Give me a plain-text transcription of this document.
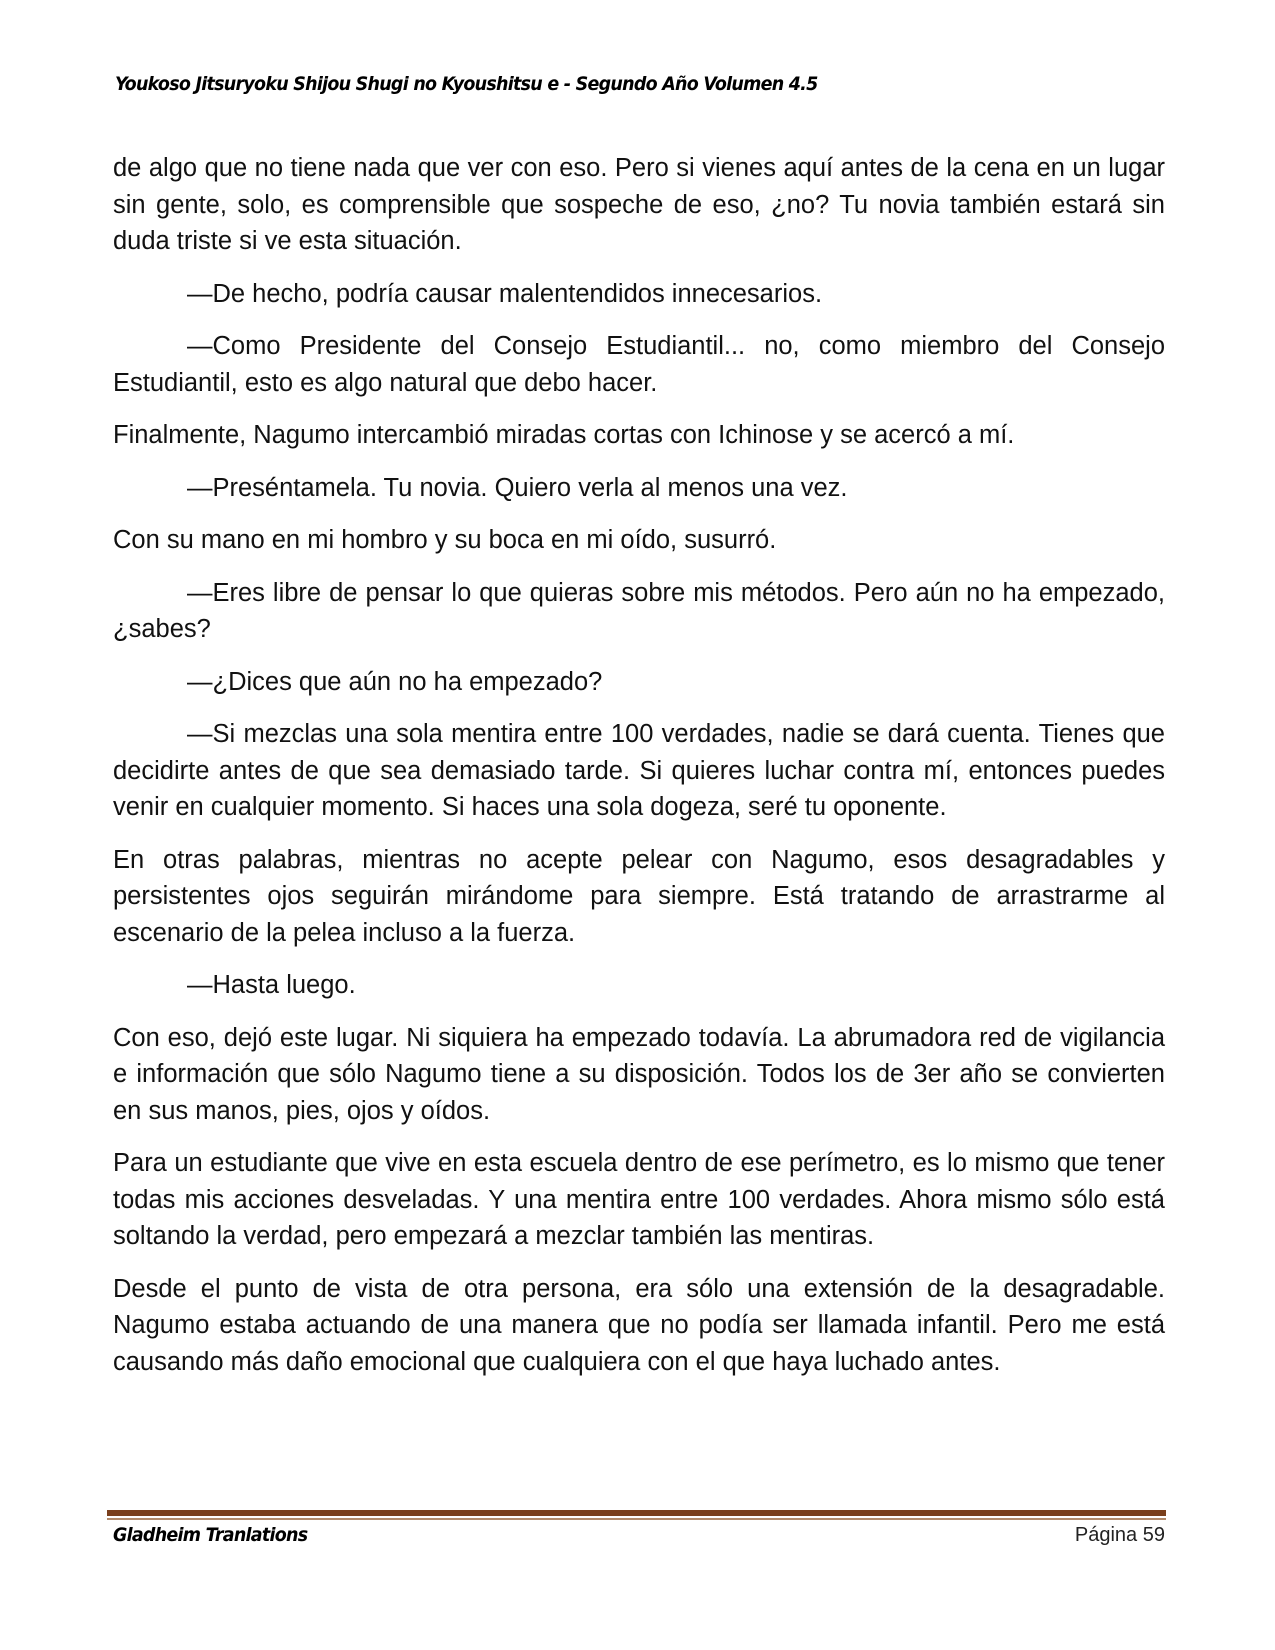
Youkoso Jitsuryoku Shijou Shugi no Kyoushitsu e - Segundo Año Volumen 4.5

de algo que no tiene nada que ver con eso. Pero si vienes aquí antes de la cena en un lugar sin gente, solo, es comprensible que sospeche de eso, ¿no? Tu novia también estará sin duda triste si ve esta situación.

—De hecho, podría causar malentendidos innecesarios.

—Como Presidente del Consejo Estudiantil... no, como miembro del Consejo Estudiantil, esto es algo natural que debo hacer.

Finalmente, Nagumo intercambió miradas cortas con Ichinose y se acercó a mí.

—Preséntamela. Tu novia. Quiero verla al menos una vez.

Con su mano en mi hombro y su boca en mi oído, susurró.

—Eres libre de pensar lo que quieras sobre mis métodos. Pero aún no ha empezado, ¿sabes?

—¿Dices que aún no ha empezado?

—Si mezclas una sola mentira entre 100 verdades, nadie se dará cuenta. Tienes que decidirte antes de que sea demasiado tarde. Si quieres luchar contra mí, entonces puedes venir en cualquier momento. Si haces una sola dogeza, seré tu oponente.

En otras palabras, mientras no acepte pelear con Nagumo, esos desagradables y persistentes ojos seguirán mirándome para siempre. Está tratando de arrastrarme al escenario de la pelea incluso a la fuerza.

—Hasta luego.

Con eso, dejó este lugar. Ni siquiera ha empezado todavía. La abrumadora red de vigilancia e información que sólo Nagumo tiene a su disposición. Todos los de 3er año se convierten en sus manos, pies, ojos y oídos.

Para un estudiante que vive en esta escuela dentro de ese perímetro, es lo mismo que tener todas mis acciones desveladas. Y una mentira entre 100 verdades. Ahora mismo sólo está soltando la verdad, pero empezará a mezclar también las mentiras.

Desde el punto de vista de otra persona, era sólo una extensión de la desagradable. Nagumo estaba actuando de una manera que no podía ser llamada infantil. Pero me está causando más daño emocional que cualquiera con el que haya luchado antes.

Gladheim Tranlations	Página 59
